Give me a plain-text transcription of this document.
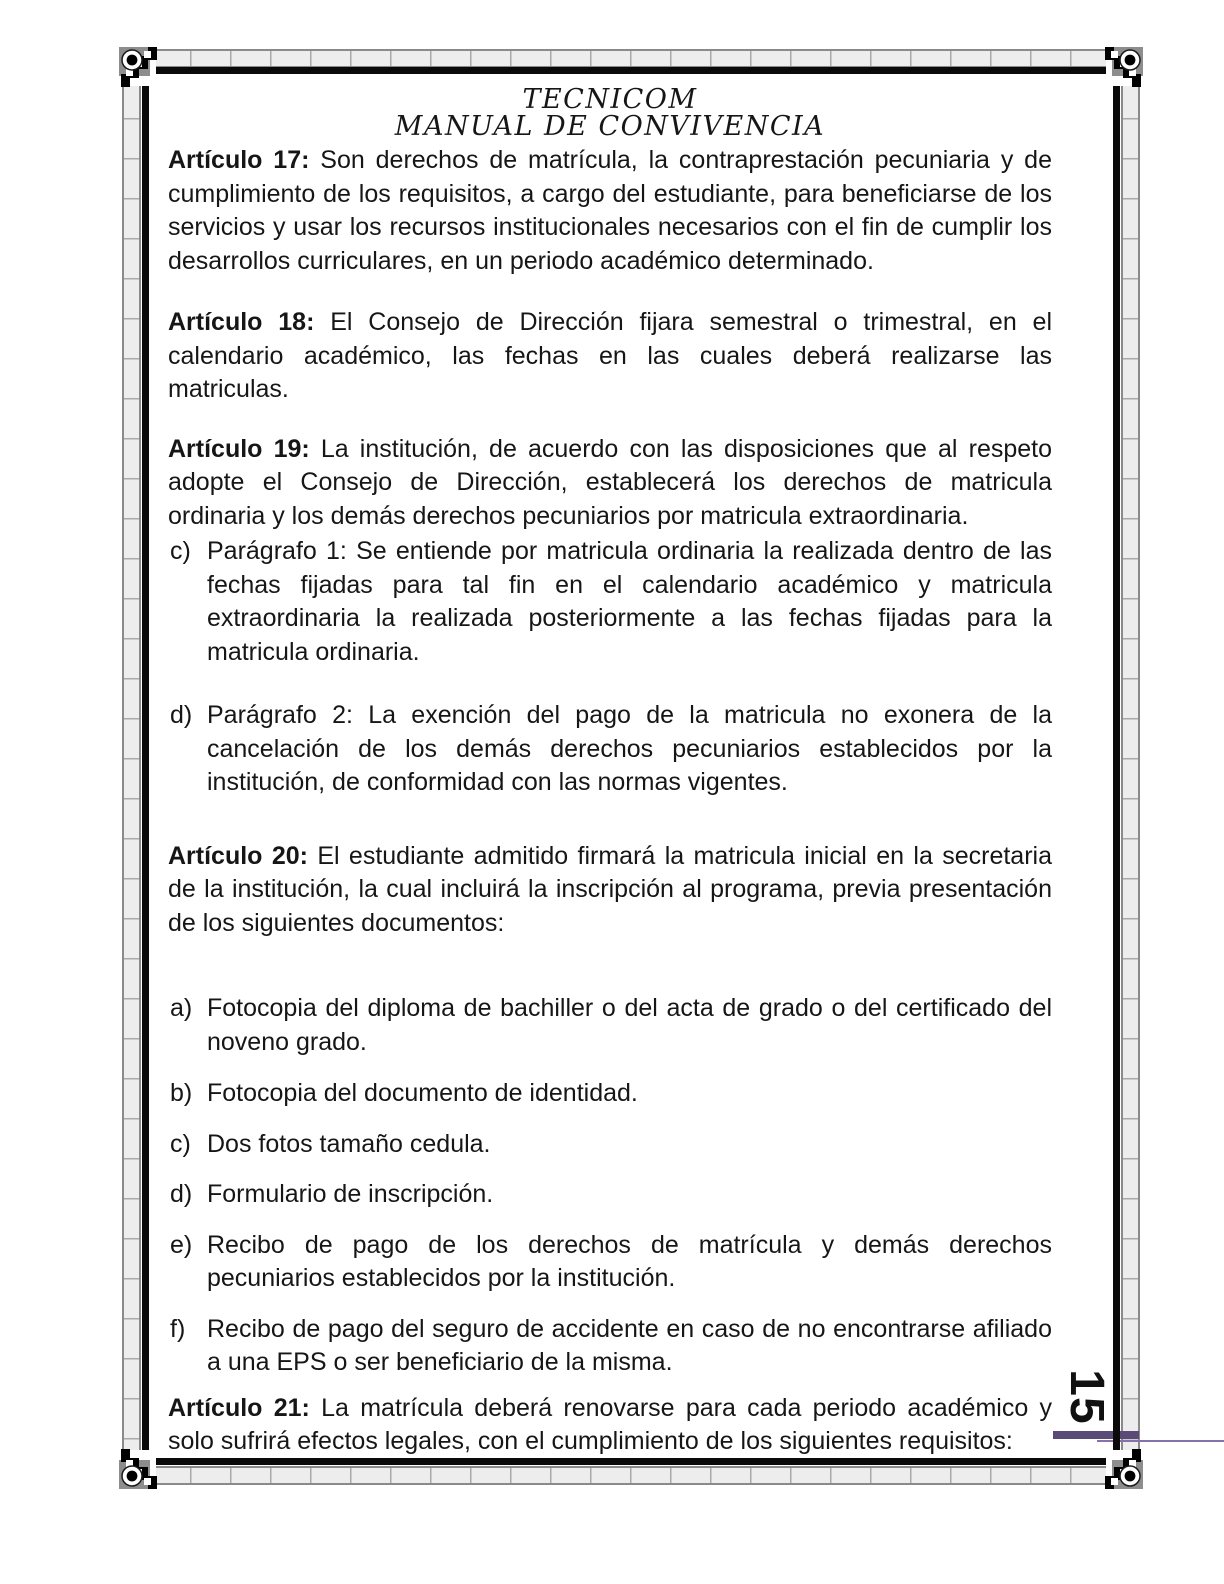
15
TECNICOM
MANUAL DE CONVIVENCIA

Artículo 17: Son derechos de matrícula, la contraprestación pecuniaria y de cumplimiento de los requisitos, a cargo del estudiante, para beneficiarse de los servicios y usar los recursos institucionales necesarios con el fin de cumplir los desarrollos curriculares, en un periodo académico determinado.

Artículo 18: El Consejo de Dirección fijara semestral o trimestral, en el calendario académico, las fechas en las cuales deberá realizarse las matriculas.

Artículo 19: La institución, de acuerdo con las disposiciones que al respeto adopte el Consejo de Dirección, establecerá los derechos de matricula ordinaria y los demás derechos pecuniarios por matricula extraordinaria.

c) Parágrafo 1: Se entiende por matricula ordinaria la realizada dentro de las fechas fijadas para tal fin en el calendario académico y matricula extraordinaria la realizada posteriormente a las fechas fijadas para la matricula ordinaria.

d) Parágrafo 2: La exención del pago de la matricula no exonera de la cancelación de los demás derechos pecuniarios establecidos por la institución, de conformidad con las normas vigentes.

Artículo 20: El estudiante admitido firmará la matricula inicial en la secretaria de la institución, la cual incluirá la inscripción al programa, previa presentación de los siguientes documentos:

a) Fotocopia del diploma de bachiller o del acta de grado o del certificado del noveno grado.

b) Fotocopia del documento de identidad.

c) Dos fotos tamaño cedula.

d) Formulario de inscripción.

e) Recibo de pago de los derechos de matrícula y demás derechos pecuniarios establecidos por la institución.

f) Recibo de pago del seguro de accidente en caso de no encontrarse afiliado a una EPS o ser beneficiario de la misma.

Artículo 21: La matrícula deberá renovarse para cada periodo académico y solo sufrirá efectos legales, con el cumplimiento de los siguientes requisitos:
